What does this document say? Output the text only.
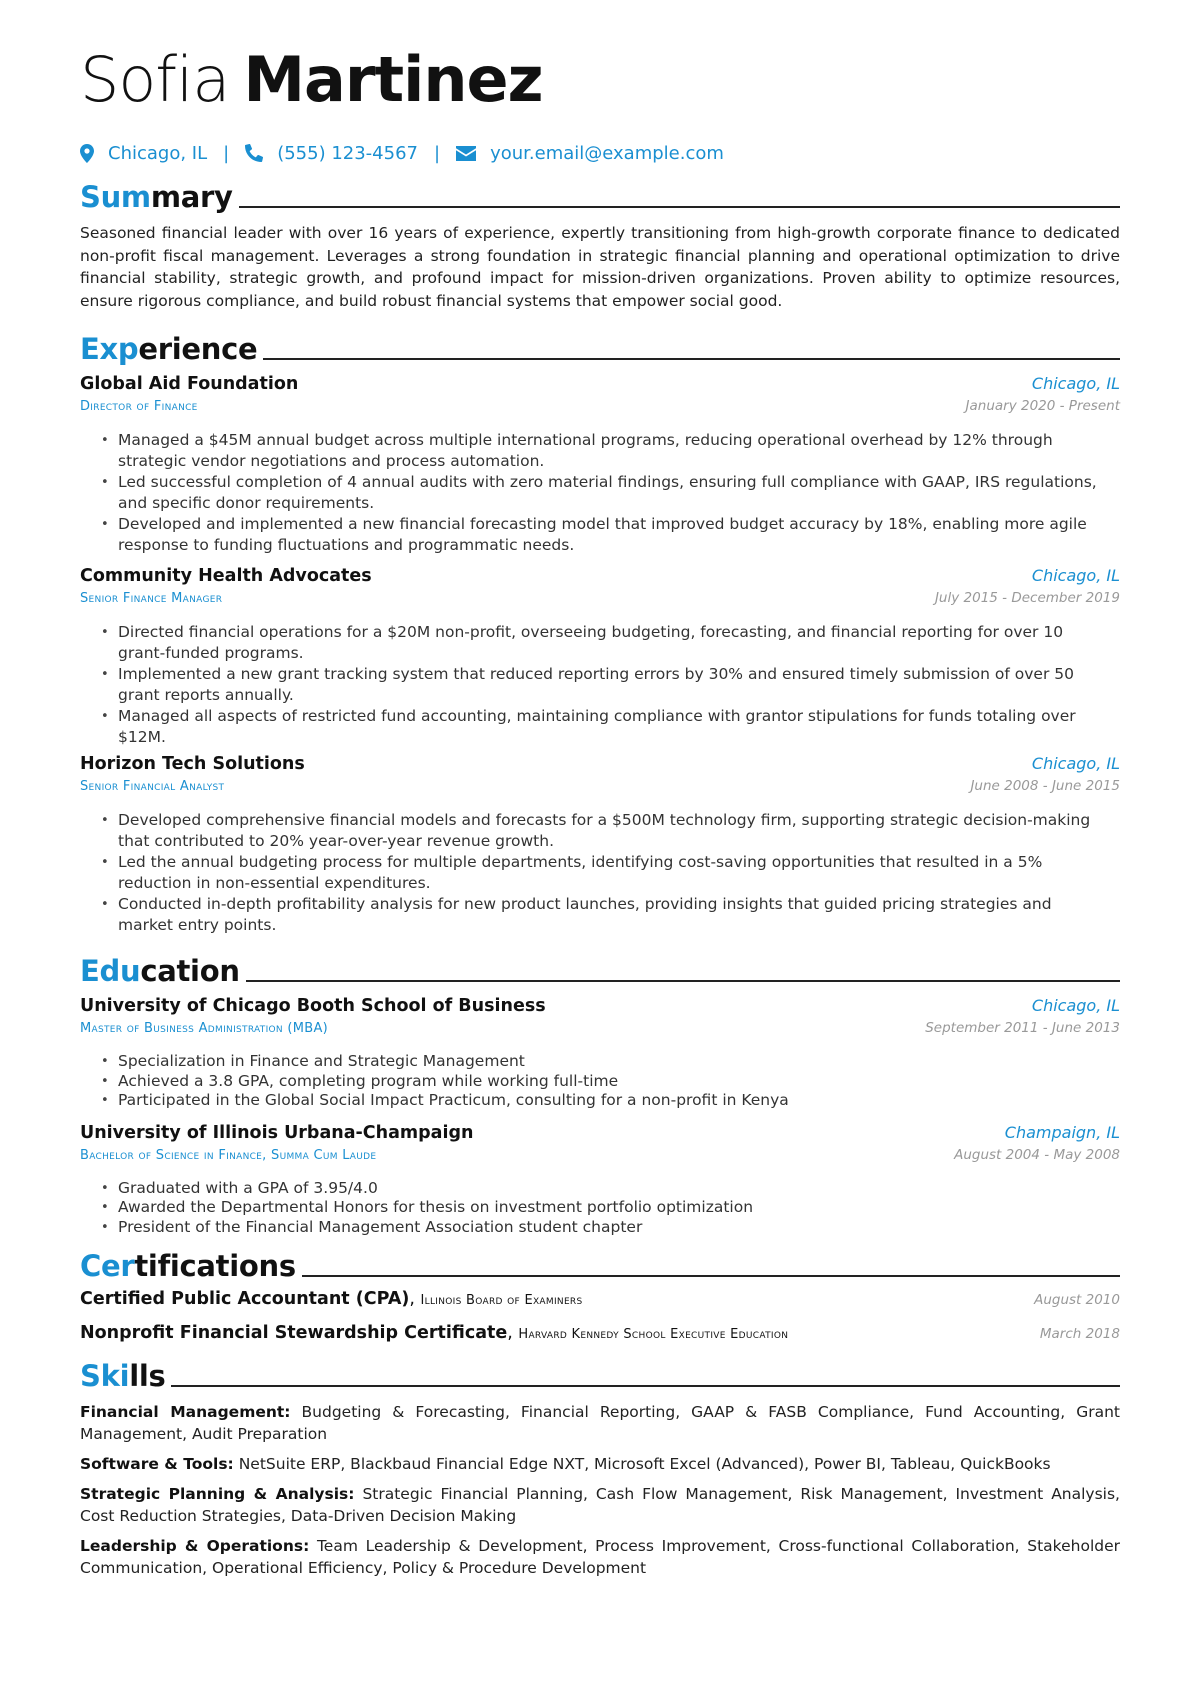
Sofia Martinez
Chicago, IL |	(555) 123-4567 |	your.email@example.com
Summary
Seasoned financial leader with over 16 years of experience, expertly transitioning from high-growth corporate finance to dedicated non-profit fiscal management. Leverages a strong foundation in strategic financial planning and operational optimization to drive financial stability, strategic growth, and profound impact for mission-driven organizations. Proven ability to optimize resources, ensure rigorous compliance, and build robust financial systems that empower social good.
Experience
Global Aid Foundation	Chicago, IL
Director of Finance	January 2020 - Present
• Managed a $45M annual budget across multiple international programs, reducing operational overhead by 12% through strategic vendor negotiations and process automation.
• Led successful completion of 4 annual audits with zero material findings, ensuring full compliance with GAAP, IRS regulations, and specific donor requirements.
• Developed and implemented a new financial forecasting model that improved budget accuracy by 18%, enabling more agile response to funding fluctuations and programmatic needs.
Community Health Advocates	Chicago, IL
Senior Finance Manager	July 2015 - December 2019
• Directed financial operations for a $20M non-profit, overseeing budgeting, forecasting, and financial reporting for over 10 grant-funded programs.
• Implemented a new grant tracking system that reduced reporting errors by 30% and ensured timely submission of over 50 grant reports annually.
• Managed all aspects of restricted fund accounting, maintaining compliance with grantor stipulations for funds totaling over $12M.
Horizon Tech Solutions	Chicago, IL
Senior Financial Analyst	June 2008 - June 2015
• Developed comprehensive financial models and forecasts for a $500M technology firm, supporting strategic decision-making that contributed to 20% year-over-year revenue growth.
• Led the annual budgeting process for multiple departments, identifying cost-saving opportunities that resulted in a 5% reduction in non-essential expenditures.
• Conducted in-depth profitability analysis for new product launches, providing insights that guided pricing strategies and market entry points.
Education
University of Chicago Booth School of Business	Chicago, IL
Master of Business Administration (MBA)	September 2011 - June 2013
• Specialization in Finance and Strategic Management
• Achieved a 3.8 GPA, completing program while working full-time
• Participated in the Global Social Impact Practicum, consulting for a non-profit in Kenya
University of Illinois Urbana-Champaign	Champaign, IL
Bachelor of Science in Finance, Summa Cum Laude	August 2004 - May 2008
• Graduated with a GPA of 3.95/4.0
• Awarded the Departmental Honors for thesis on investment portfolio optimization
• President of the Financial Management Association student chapter
Certifications
Certified Public Accountant (CPA), Illinois Board of Examiners	August 2010
Nonprofit Financial Stewardship Certificate, Harvard Kennedy School Executive Education	March 2018
Skills
Financial Management: Budgeting & Forecasting, Financial Reporting, GAAP & FASB Compliance, Fund Accounting, Grant Management, Audit Preparation
Software & Tools: NetSuite ERP, Blackbaud Financial Edge NXT, Microsoft Excel (Advanced), Power BI, Tableau, QuickBooks
Strategic Planning & Analysis: Strategic Financial Planning, Cash Flow Management, Risk Management, Investment Analysis, Cost Reduction Strategies, Data-Driven Decision Making
Leadership & Operations: Team Leadership & Development, Process Improvement, Cross-functional Collaboration, Stakeholder Communication, Operational Efficiency, Policy & Procedure Development
